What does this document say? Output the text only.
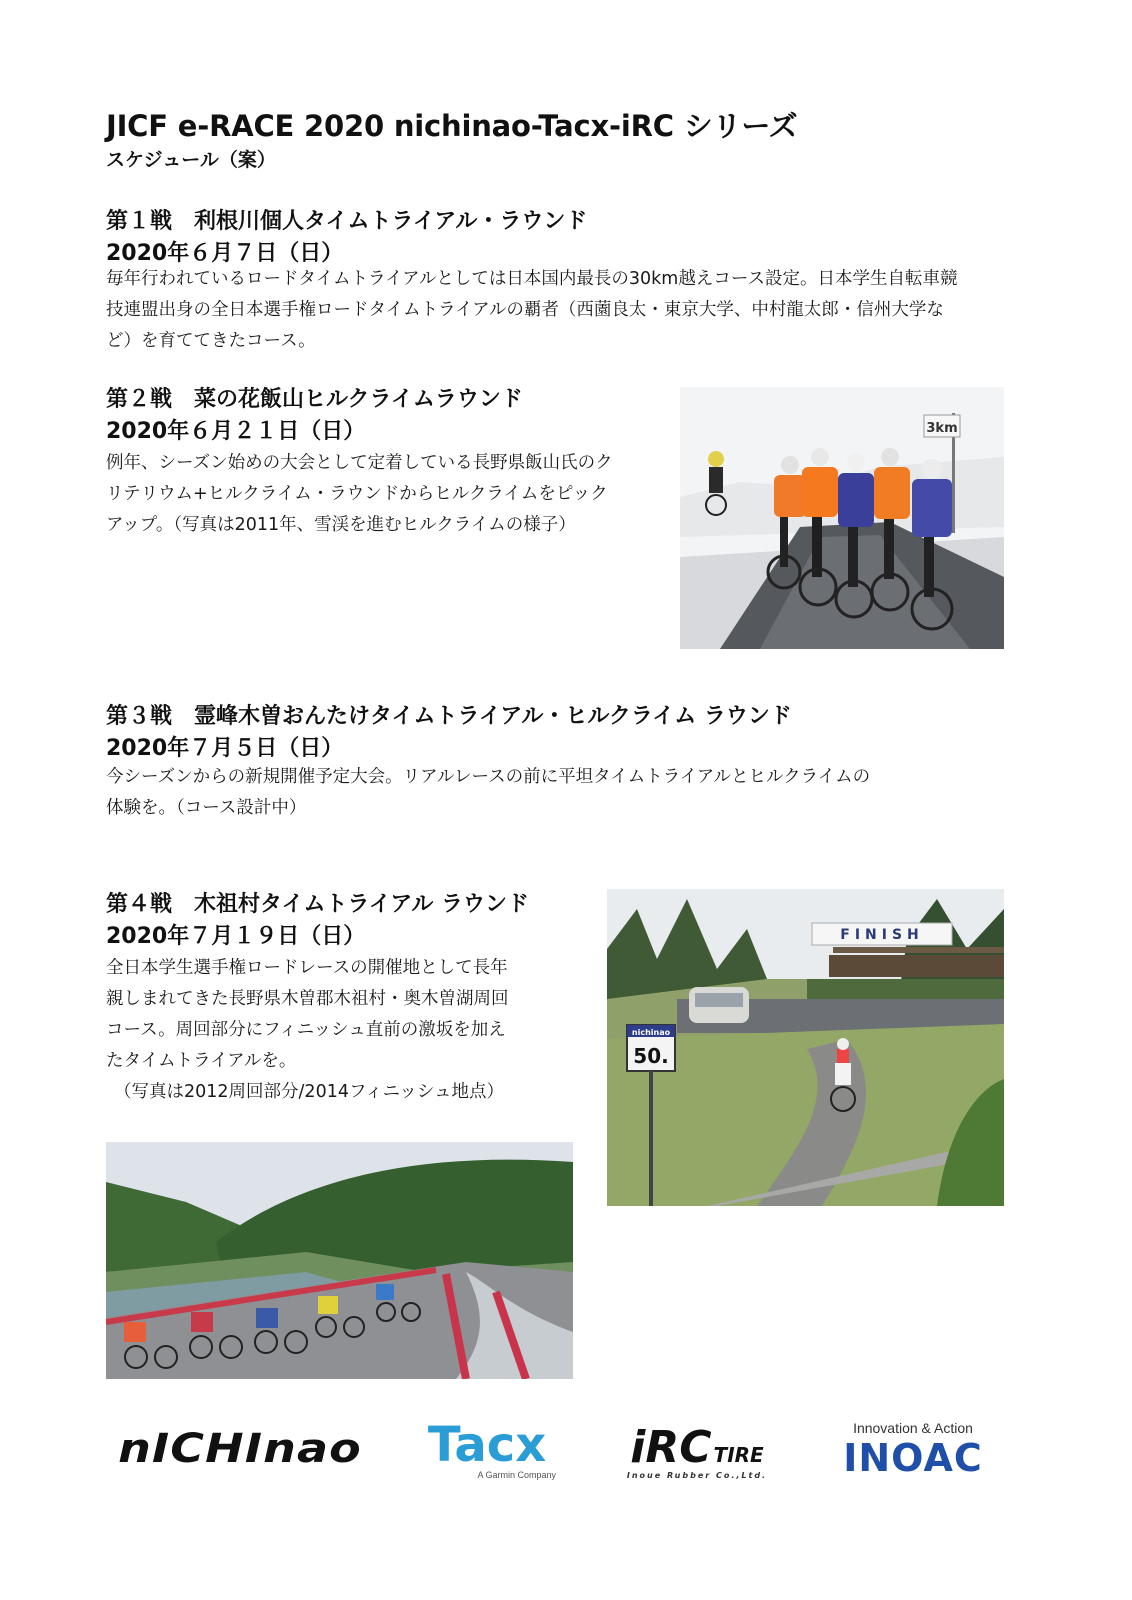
JICF e-RACE 2020 nichinao-Tacx-iRC シリーズ
スケジュール（案）
第１戦　利根川個人タイムトライアル・ラウンド
2020年６月７日（日）
毎年行われているロードタイムトライアルとしては日本国内最長の30km越えコース設定。日本学生自転車競
技連盟出身の全日本選手権ロードタイムトライアルの覇者（西薗良太・東京大学、中村龍太郎・信州大学な
ど）を育ててきたコース。
第２戦　菜の花飯山ヒルクライムラウンド
2020年６月２１日（日）
例年、シーズン始めの大会として定着している長野県飯山氏のク
リテリウム+ヒルクライム・ラウンドからヒルクライムをピック
アップ。（写真は2011年、雪渓を進むヒルクライムの様子）
3km
第３戦　霊峰木曽おんたけタイムトライアル・ヒルクライム ラウンド
2020年７月５日（日）
今シーズンからの新規開催予定大会。リアルレースの前に平坦タイムトライアルとヒルクライムの
体験を。（コース設計中）
第４戦　木祖村タイムトライアル ラウンド
2020年７月１９日（日）
全日本学生選手権ロードレースの開催地として長年
親しまれてきた長野県木曽郡木祖村・奥木曽湖周回
コース。周回部分にフィニッシュ直前の激坂を加え
たタイムトライアルを。
（写真は2012周回部分/2014フィニッシュ地点）
FINISH
nichinao
50.
nICHInao Tacx
A Garmin Company
iRC TIRE
Inoue Rubber Co.,Ltd.
Innovation & Action
INOAC
